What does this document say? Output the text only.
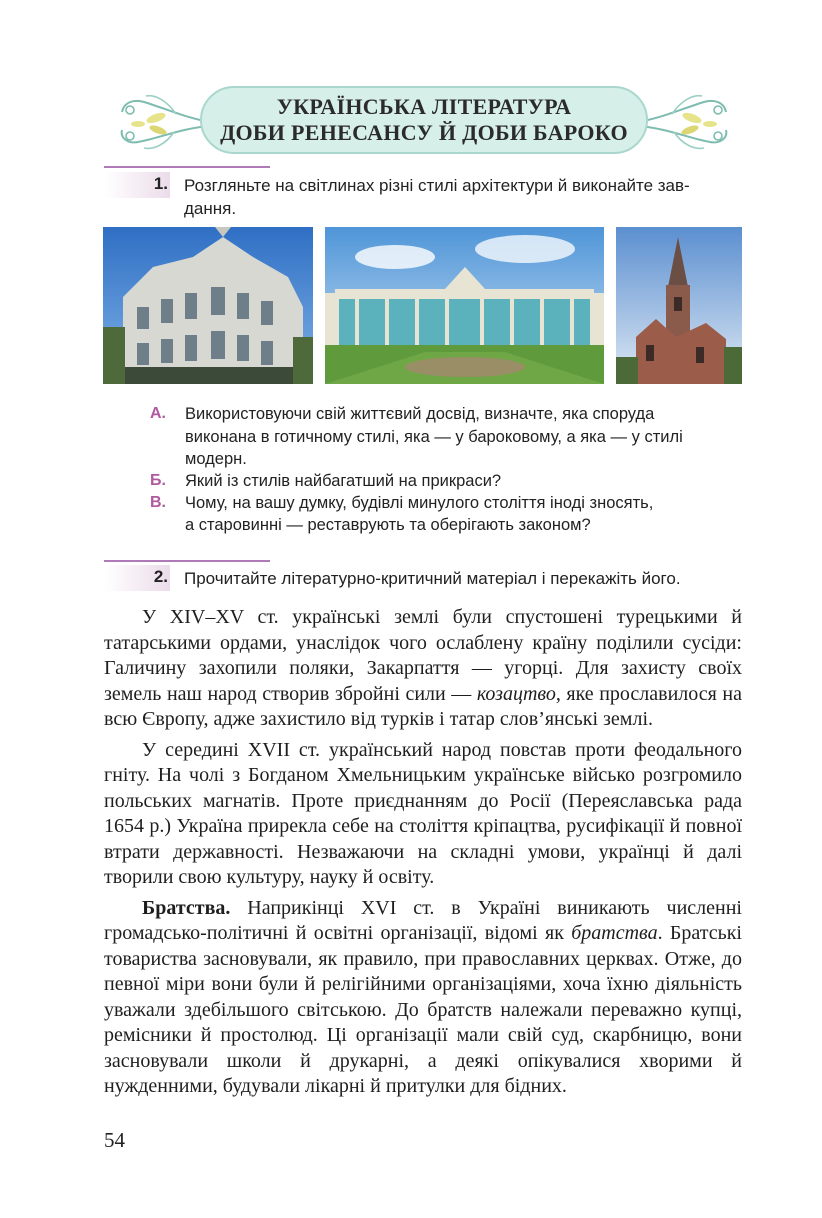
УКРАЇНСЬКА ЛІТЕРАТУРА
ДОБИ РЕНЕСАНСУ Й ДОБИ БАРОКО
1. Розгляньте на світлинах різні стилі архітектури й виконайте зав-
дання.
А. Використовуючи свій життєвий досвід, визначте, яка споруда
виконана в готичному стилі, яка — у бароковому, а яка — у стилі
модерн.
Б. Який із стилів найбагатший на прикраси?
В. Чому, на вашу думку, будівлі минулого століття іноді зносять,
а старовинні — реставрують та оберігають законом?
2. Прочитайте літературно-критичний матеріал і перекажіть його.

У XIV–XV ст. українські землі були спустошені турецькими й татарськими ордами, унаслідок чого ослаблену країну поділили сусіди: Галичину захопили поляки, Закарпаття — угорці. Для захисту своїх земель наш народ створив збройні сили — козацтво, яке прославилося на всю Європу, адже захистило від турків і татар слов’янські землі.

У середині XVII ст. український народ повстав проти феодального гніту. На чолі з Богданом Хмельницьким українське військо розгромило польських магнатів. Проте приєднанням до Росії (Переяславська рада 1654 р.) Україна прирекла себе на століття кріпацтва, русифікації й повної втрати державності. Незважаючи на складні умови, українці й далі творили свою культуру, науку й освіту.

Братства. Наприкінці XVI ст. в Україні виникають численні громадсько-політичні й освітні організації, відомі як братства. Братські товариства засновували, як правило, при православних церквах. Отже, до певної міри вони були й релігійними організаціями, хоча їхню діяльність уважали здебільшого світською. До братств належали переважно купці, ремісники й простолюд. Ці організації мали свій суд, скарбницю, вони засновували школи й друкарні, а деякі опікувалися хворими й нужденними, будували лікарні й притулки для бідних.

54
